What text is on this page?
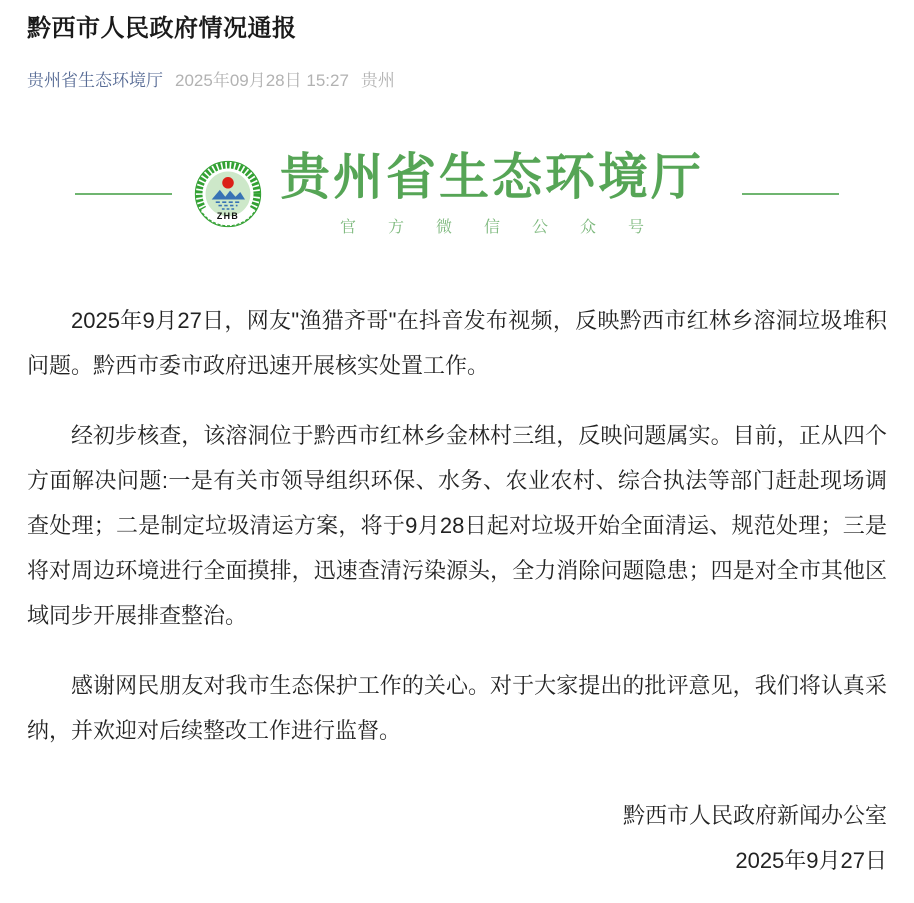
黔西市人民政府情况通报
贵州省生态环境厅 2025年09月28日 15:27 贵州
ZHB
贵州省生态环境厅
官方微信公众号

2025年9月27日，网友"渔猎齐哥"在抖音发布视频，反映黔西市红林乡溶洞垃圾堆积问题。黔西市委市政府迅速开展核实处置工作。

经初步核查，该溶洞位于黔西市红林乡金林村三组，反映问题属实。目前，正从四个方面解决问题:一是有关市领导组织环保、水务、农业农村、综合执法等部门赶赴现场调查处理；二是制定垃圾清运方案，将于9月28日起对垃圾开始全面清运、规范处理；三是将对周边环境进行全面摸排，迅速查清污染源头，全力消除问题隐患；四是对全市其他区域同步开展排查整治。

感谢网民朋友对我市生态保护工作的关心。对于大家提出的批评意见，我们将认真采纳，并欢迎对后续整改工作进行监督。

黔西市人民政府新闻办公室
2025年9月27日
